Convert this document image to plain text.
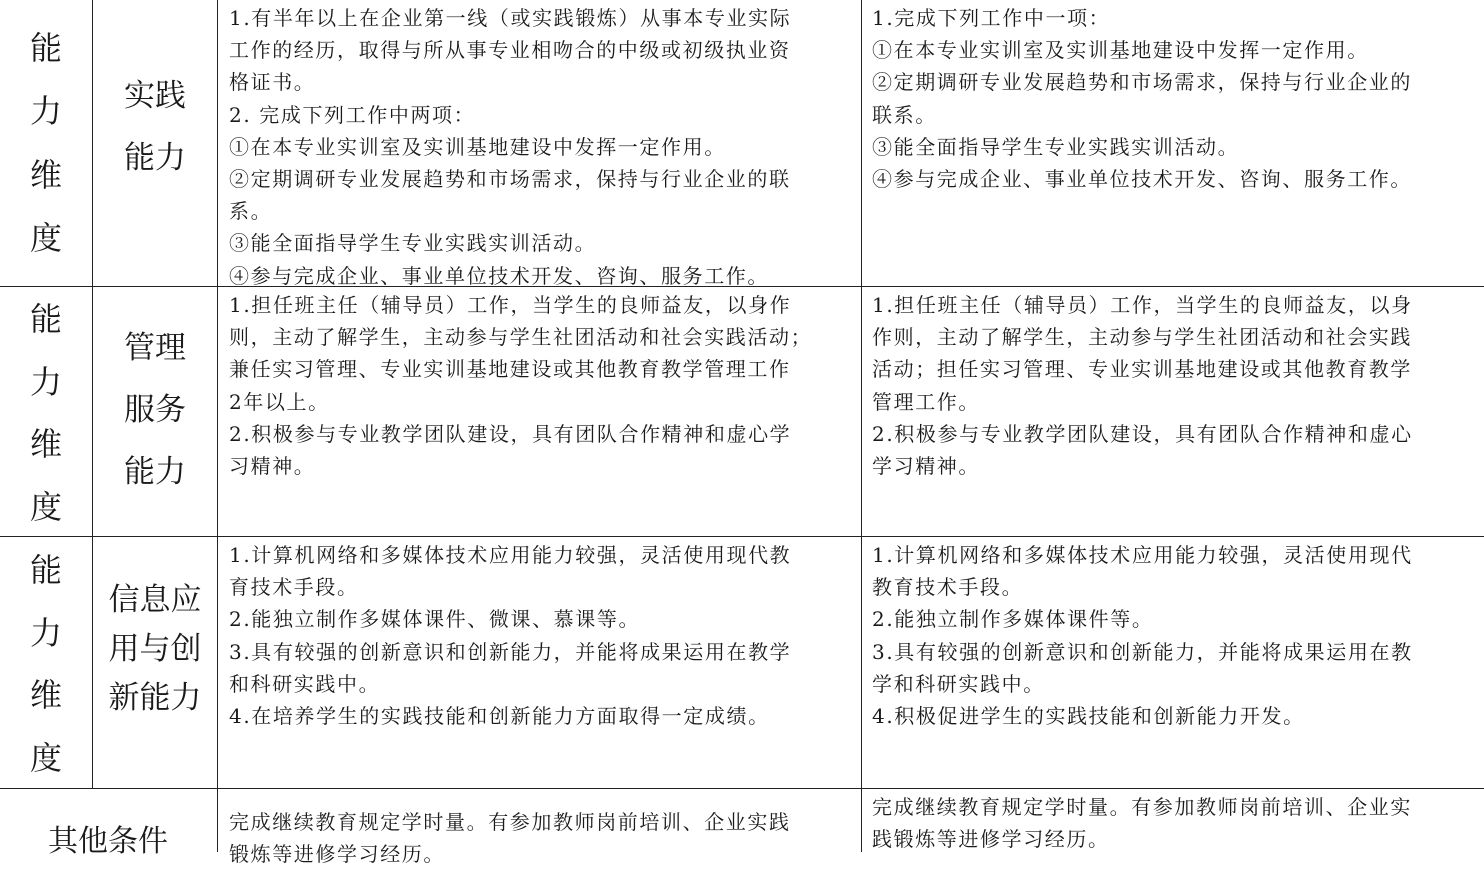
能
力
维
度
实践
能力

1.有半年以上在企业第一线（或实践锻炼）从事本专业实际

工作的经历，取得与所从事专业相吻合的中级或初级执业资

格证书。

2. 完成下列工作中两项：

①在本专业实训室及实训基地建设中发挥一定作用。

②定期调研专业发展趋势和市场需求，保持与行业企业的联

系。

③能全面指导学生专业实践实训活动。

④参与完成企业、事业单位技术开发、咨询、服务工作。

1.完成下列工作中一项：

①在本专业实训室及实训基地建设中发挥一定作用。

②定期调研专业发展趋势和市场需求，保持与行业企业的

联系。

③能全面指导学生专业实践实训活动。

④参与完成企业、事业单位技术开发、咨询、服务工作。

能
力
维
度
管理
服务
能力

1.担任班主任（辅导员）工作，当学生的良师益友，以身作

则，主动了解学生，主动参与学生社团活动和社会实践活动；

兼任实习管理、专业实训基地建设或其他教育教学管理工作

2年以上。

2.积极参与专业教学团队建设，具有团队合作精神和虚心学

习精神。

1.担任班主任（辅导员）工作，当学生的良师益友，以身

作则，主动了解学生，主动参与学生社团活动和社会实践

活动；担任实习管理、专业实训基地建设或其他教育教学

管理工作。

2.积极参与专业教学团队建设，具有团队合作精神和虚心

学习精神。

能
力
维
度
信息应
用与创
新能力

1.计算机网络和多媒体技术应用能力较强，灵活使用现代教

育技术手段。

2.能独立制作多媒体课件、微课、慕课等。

3.具有较强的创新意识和创新能力，并能将成果运用在教学

和科研实践中。

4.在培养学生的实践技能和创新能力方面取得一定成绩。

1.计算机网络和多媒体技术应用能力较强，灵活使用现代

教育技术手段。

2.能独立制作多媒体课件等。

3.具有较强的创新意识和创新能力，并能将成果运用在教

学和科研实践中。

4.积极促进学生的实践技能和创新能力开发。

完成继续教育规定学时量。有参加教师岗前培训、企业实践

锻炼等进修学习经历。

完成继续教育规定学时量。有参加教师岗前培训、企业实

践锻炼等进修学习经历。

其他条件
